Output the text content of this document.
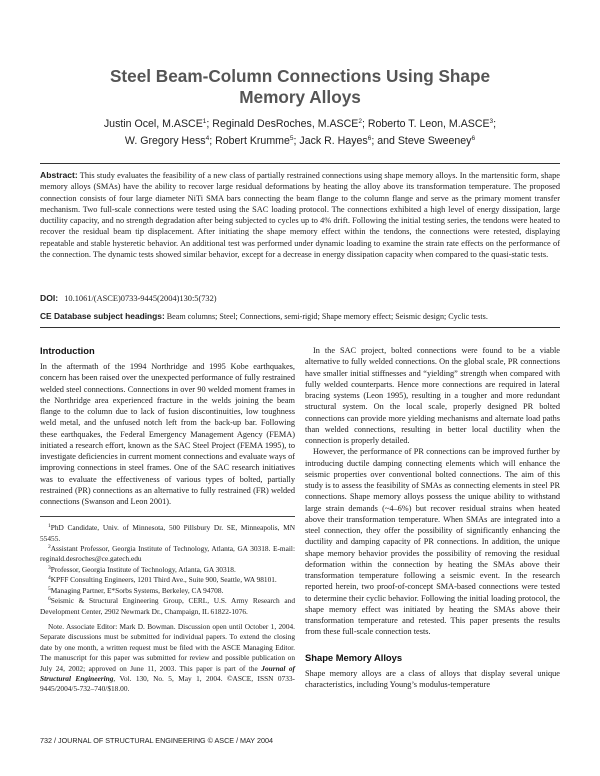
Steel Beam-Column Connections Using Shape
Memory Alloys
Justin Ocel, M.ASCE$^1$; Reginald DesRoches, M.ASCE$^2$; Roberto T. Leon, M.ASCE$^3$;
W. Gregory Hess$^4$; Robert Krumme$^5$; Jack R. Hayes$^6$; and Steve Sweeney$^6$
Abstract: This study evaluates the feasibility of a new class of partially restrained connections using shape memory alloys. In the martensitic form, shape memory alloys (SMAs) have the ability to recover large residual deformations by heating the alloy above its transformation temperature. The proposed connection consists of four large diameter NiTi SMA bars connecting the beam flange to the column flange and serve as the primary moment transfer mechanism. Two full-scale connections were tested using the SAC loading protocol. The connections exhibited a high level of energy dissipation, large ductility capacity, and no strength degradation after being subjected to cycles up to 4% drift. Following the initial testing series, the tendons were heated to recover the residual beam tip displacement. After initiating the shape memory effect within the tendons, the connections were retested, displaying repeatable and stable hysteretic behavior. An additional test was performed under dynamic loading to examine the strain rate effects on the performance of the connection. The dynamic tests showed similar behavior, except for a decrease in energy dissipation capacity when compared to the quasi-static tests.
DOI: 10.1061/(ASCE)0733-9445(2004)130:5(732)
CE Database subject headings: Beam columns; Steel; Connections, semi-rigid; Shape memory effect; Seismic design; Cyclic tests.
Introduction

In the aftermath of the 1994 Northridge and 1995 Kobe earthquakes, concern has been raised over the unexpected performance of fully restrained welded steel connections. Connections in over 90 welded moment frames in the Northridge area experienced fracture in the welds joining the beam flange to the column due to lack of fusion discontinuities, low toughness weld metal, and the unfused notch left from the back-up bar. Following these earthquakes, the Federal Emergency Management Agency (FEMA) initiated a research effort, known as the SAC Steel Project (FEMA 1995), to investigate deficiencies in current moment connections and evaluate ways of improving connections in steel frames. One of the SAC research initiatives was to evaluate the effectiveness of various types of bolted, partially restrained (PR) connections as an alternative to fully restrained (FR) welded connections (Swanson and Leon 2001).

$^1$PhD Candidate, Univ. of Minnesota, 500 Pillsbury Dr. SE, Minneapolis, MN 55455.
$^2$Assistant Professor, Georgia Institute of Technology, Atlanta, GA 30318. E-mail: reginald.desroches@ce.gatech.edu
$^3$Professor, Georgia Institute of Technology, Atlanta, GA 30318.
$^4$KPFF Consulting Engineers, 1201 Third Ave., Suite 900, Seattle, WA 98101.
$^5$Managing Partner, E*Sorbs Systems, Berkeley, CA 94708.
$^6$Seismic & Structural Engineering Group, CERL, U.S. Army Research and Development Center, 2902 Newmark Dr., Champaign, IL 61822-1076.
Note. Associate Editor: Mark D. Bowman. Discussion open until October 1, 2004. Separate discussions must be submitted for individual papers. To extend the closing date by one month, a written request must be filed with the ASCE Managing Editor. The manuscript for this paper was submitted for review and possible publication on July 24, 2002; approved on June 11, 2003. This paper is part of the Journal of Structural Engineering, Vol. 130, No. 5, May 1, 2004. ©ASCE, ISSN 0733-9445/2004/5-732–740/$18.00.

In the SAC project, bolted connections were found to be a viable alternative to fully welded connections. On the global scale, PR connections have smaller initial stiffnesses and “yielding” strength when compared with fully welded counterparts. Hence more connections are required in lateral bracing systems (Leon 1995), resulting in a tougher and more redundant structural system. On the local scale, properly designed PR bolted connections can provide more yielding mechanisms and alternate load paths than welded connections, resulting in better local ductility when the connection is properly detailed.

However, the performance of PR connections can be improved further by introducing ductile damping connecting elements which will enhance the seismic properties over conventional bolted connections. The aim of this study is to assess the feasibility of SMAs as connecting elements in steel PR connections. Shape memory alloys possess the unique ability to withstand large strain demands (~4–6%) but recover residual strains when heated above their transformation temperature. When SMAs are integrated into a steel connection, they offer the possibility of significantly enhancing the ductility and damping capacity of PR connections. In addition, the unique shape memory behavior provides the possibility of removing the residual deformation within the connection by heating the SMAs above their transformation temperature following a seismic event. In the research reported herein, two proof-of-concept SMA-based connections were tested to determine their cyclic behavior. Following the initial loading protocol, the shape memory effect was initiated by heating the SMAs above their transformation temperature and retested. This paper presents the results from these full-scale connection tests.

Shape Memory Alloys

Shape memory alloys are a class of alloys that display several unique characteristics, including Young’s modulus-temperature

732 / JOURNAL OF STRUCTURAL ENGINEERING © ASCE / MAY 2004
